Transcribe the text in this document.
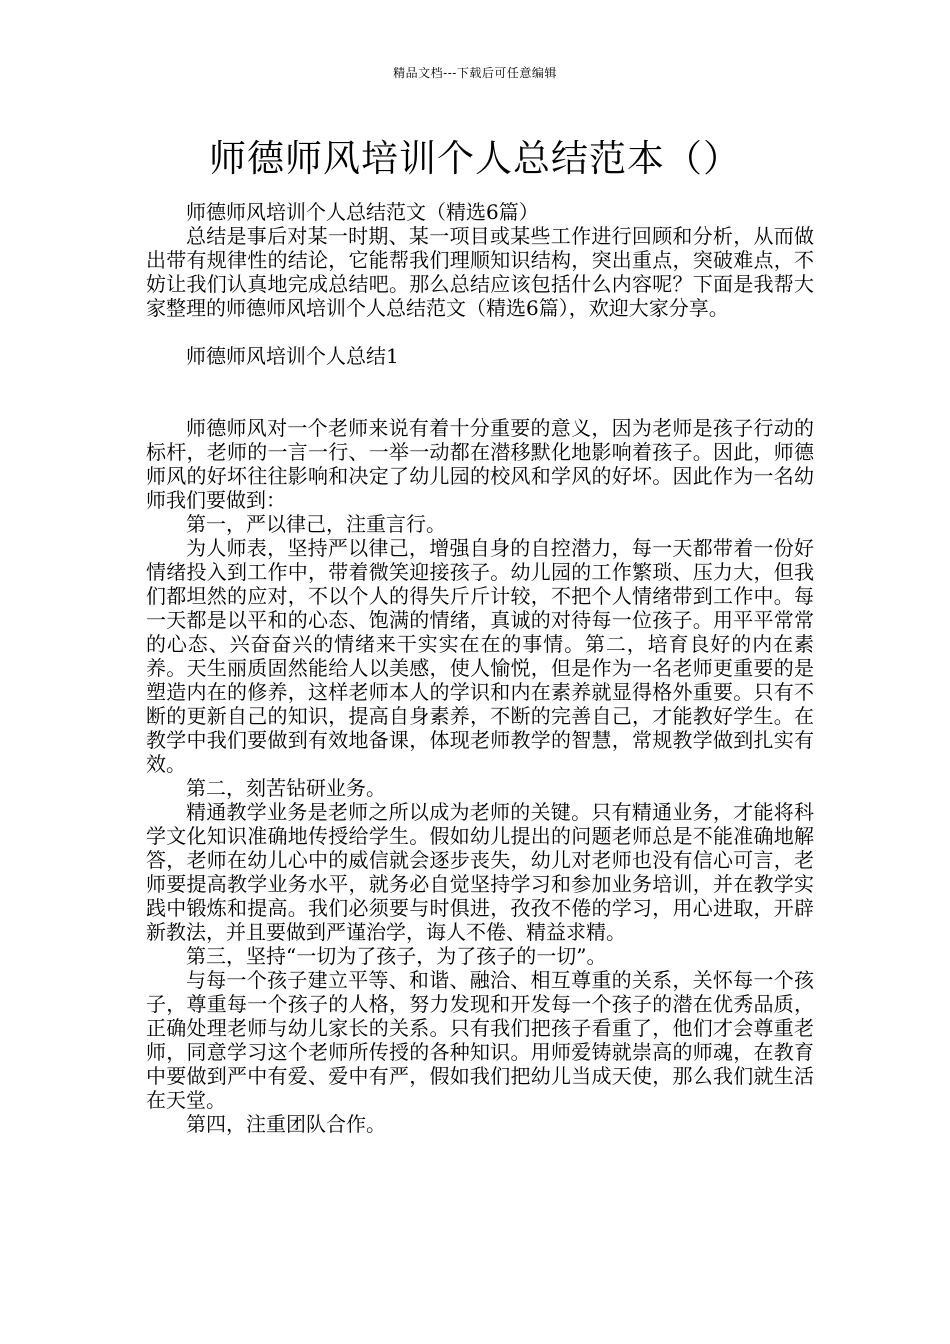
精品文档---下载后可任意编辑
师德师风培训个人总结范本（）

师德师风培训个人总结范文（精选6篇）

总结是事后对某一时期、某一项目或某些工作进行回顾和分析，从而做出带有规律性的结论，它能帮我们理顺知识结构，突出重点，突破难点，不妨让我们认真地完成总结吧。那么总结应该包括什么内容呢？下面是我帮大家整理的师德师风培训个人总结范文（精选6篇），欢迎大家分享。

师德师风培训个人总结1

师德师风对一个老师来说有着十分重要的意义，因为老师是孩子行动的标杆，老师的一言一行、一举一动都在潜移默化地影响着孩子。因此，师德师风的好坏往往影响和决定了幼儿园的校风和学风的好坏。因此作为一名幼师我们要做到：

第一，严以律己，注重言行。

为人师表，坚持严以律己，增强自身的自控潜力，每一天都带着一份好情绪投入到工作中，带着微笑迎接孩子。幼儿园的工作繁琐、压力大，但我们都坦然的应对，不以个人的得失斤斤计较，不把个人情绪带到工作中。每一天都是以平和的心态、饱满的情绪，真诚的对待每一位孩子。用平平常常的心态、兴奋奋兴的情绪来干实实在在的事情。第二，培育良好的内在素养。天生丽质固然能给人以美感，使人愉悦，但是作为一名老师更重要的是塑造内在的修养，这样老师本人的学识和内在素养就显得格外重要。只有不断的更新自己的知识，提高自身素养，不断的完善自己，才能教好学生。在教学中我们要做到有效地备课，体现老师教学的智慧，常规教学做到扎实有效。

第二，刻苦钻研业务。

精通教学业务是老师之所以成为老师的关键。只有精通业务，才能将科学文化知识准确地传授给学生。假如幼儿提出的问题老师总是不能准确地解答，老师在幼儿心中的威信就会逐步丧失，幼儿对老师也没有信心可言，老师要提高教学业务水平，就务必自觉坚持学习和参加业务培训，并在教学实践中锻炼和提高。我们必须要与时俱进，孜孜不倦的学习，用心进取，开辟新教法，并且要做到严谨治学，诲人不倦、精益求精。

第三，坚持“一切为了孩子，为了孩子的一切”。

与每一个孩子建立平等、和谐、融洽、相互尊重的关系，关怀每一个孩子，尊重每一个孩子的人格，努力发现和开发每一个孩子的潜在优秀品质，正确处理老师与幼儿家长的关系。只有我们把孩子看重了，他们才会尊重老师，同意学习这个老师所传授的各种知识。用师爱铸就崇高的师魂，在教育中要做到严中有爱、爱中有严，假如我们把幼儿当成天使，那么我们就生活在天堂。

第四，注重团队合作。
